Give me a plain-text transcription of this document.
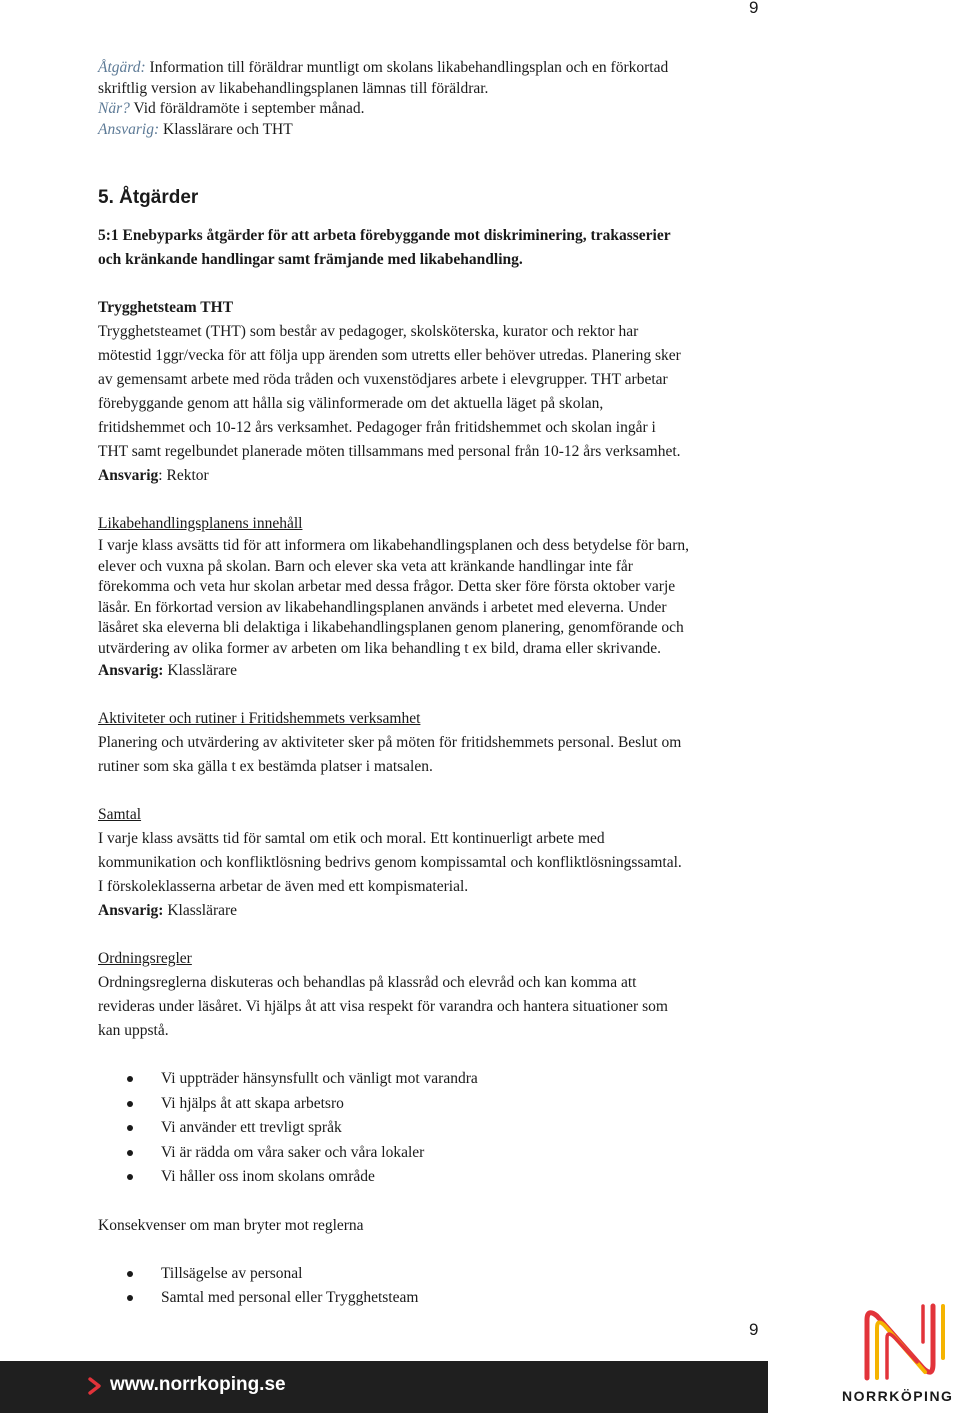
9

Åtgärd: Information till föräldrar muntligt om skolans likabehandlingsplan och en förkortad

skriftlig version av likabehandlingsplanen lämnas till föräldrar.

När? Vid föräldramöte i september månad.

Ansvarig: Klasslärare och THT

5. Åtgärder

5:1 Enebyparks åtgärder för att arbeta förebyggande mot diskriminering, trakasserier

och kränkande handlingar samt främjande med likabehandling.

Trygghetsteam THT

Trygghetsteamet (THT) som består av pedagoger, skolsköterska, kurator och rektor har

mötestid 1ggr/vecka för att följa upp ärenden som utretts eller behöver utredas. Planering sker

av gemensamt arbete med röda tråden och vuxenstödjares arbete i elevgrupper. THT arbetar

förebyggande genom att hålla sig välinformerade om det aktuella läget på skolan,

fritidshemmet och 10-12 års verksamhet. Pedagoger från fritidshemmet och skolan ingår i

THT samt regelbundet planerade möten tillsammans med personal från 10-12 års verksamhet.

Ansvarig: Rektor

Likabehandlingsplanens innehåll

I varje klass avsätts tid för att informera om likabehandlingsplanen och dess betydelse för barn,

elever och vuxna på skolan. Barn och elever ska veta att kränkande handlingar inte får

förekomma och veta hur skolan arbetar med dessa frågor. Detta sker före första oktober varje

läsår. En förkortad version av likabehandlingsplanen används i arbetet med eleverna. Under

läsåret ska eleverna bli delaktiga i likabehandlingsplanen genom planering, genomförande och

utvärdering av olika former av arbeten om lika behandling t ex bild, drama eller skrivande.

Ansvarig: Klasslärare

Aktiviteter och rutiner i Fritidshemmets verksamhet

Planering och utvärdering av aktiviteter sker på möten för fritidshemmets personal. Beslut om

rutiner som ska gälla t ex bestämda platser i matsalen.

Samtal

I varje klass avsätts tid för samtal om etik och moral. Ett kontinuerligt arbete med

kommunikation och konfliktlösning bedrivs genom kompissamtal och konfliktlösningssamtal.

I förskoleklasserna arbetar de även med ett kompismaterial.

Ansvarig: Klasslärare

Ordningsregler

Ordningsreglerna diskuteras och behandlas på klassråd och elevråd och kan komma att

revideras under läsåret. Vi hjälps åt att visa respekt för varandra och hantera situationer som

kan uppstå.

Vi uppträder hänsynsfullt och vänligt mot varandra
Vi hjälps åt att skapa arbetsro
Vi använder ett trevligt språk
Vi är rädda om våra saker och våra lokaler
Vi håller oss inom skolans område

Konsekvenser om man bryter mot reglerna

Tillsägelse av personal
Samtal med personal eller Trygghetsteam
9
www.norrkoping.se
NORRKÖPING
